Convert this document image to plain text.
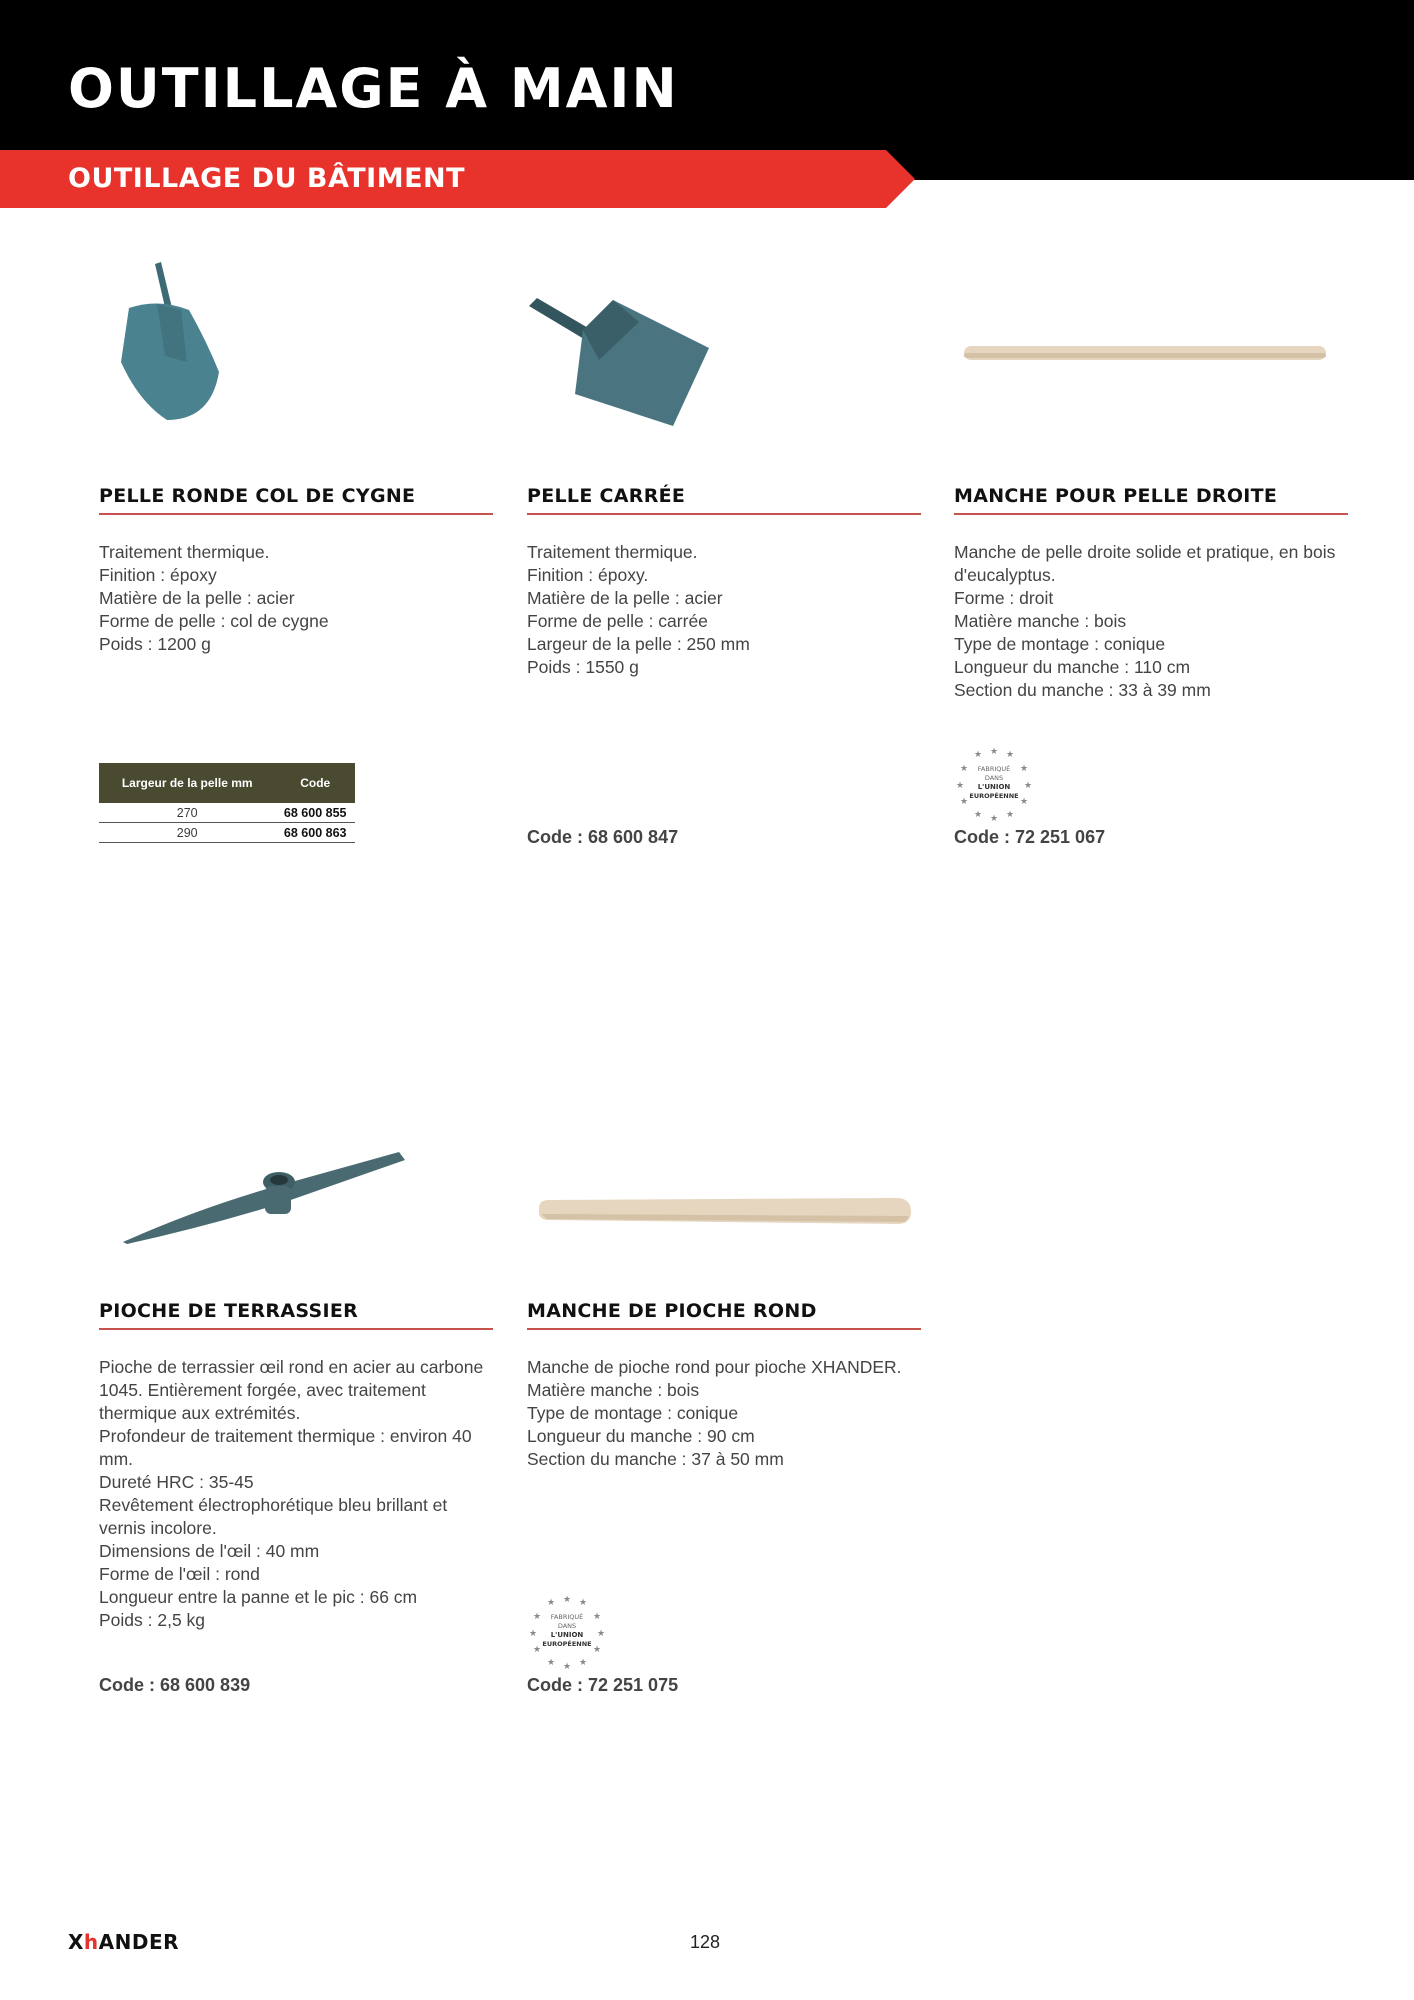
OUTILLAGE À MAIN
OUTILLAGE DU BÂTIMENT
PELLE RONDE COL DE CYGNE

Traitement thermique.

Finition : époxy

Matière de la pelle : acier

Forme de pelle : col de cygne

Poids : 1200 g

Largeur de la pelle mm	Code
270	68 600 855
290	68 600 863
PELLE CARRÉE

Traitement thermique.

Finition : époxy.

Matière de la pelle : acier

Forme de pelle : carrée

Largeur de la pelle : 250 mm

Poids : 1550 g

Code : 68 600 847
MANCHE POUR PELLE DROITE

Manche de pelle droite solide et pratique, en bois d'eucalyptus.

Forme : droit

Matière manche : bois

Type de montage : conique

Longueur du manche : 110 cm

Section du manche : 33 à 39 mm

★
★	★
★	★
★	★
★	★
★	★
★
FABRIQUÉ
DANS
L'UNION
EUROPÉENNE
Code : 72 251 067
PIOCHE DE TERRASSIER

Pioche de terrassier œil rond en acier au carbone 1045. Entièrement forgée, avec traitement thermique aux extrémités.

Profondeur de traitement thermique : environ 40 mm.

Dureté HRC : 35-45

Revêtement électrophorétique bleu brillant et vernis incolore.

Dimensions de l'œil : 40 mm

Forme de l'œil : rond

Longueur entre la panne et le pic : 66 cm

Poids : 2,5 kg

Code : 68 600 839
MANCHE DE PIOCHE ROND

Manche de pioche rond pour pioche XHANDER.

Matière manche : bois

Type de montage : conique

Longueur du manche : 90 cm

Section du manche : 37 à 50 mm

★
★	★
★	★
★	★
★	★
★	★
★
FABRIQUÉ
DANS
L'UNION
EUROPÉENNE
Code : 72 251 075
XhANDER	128
